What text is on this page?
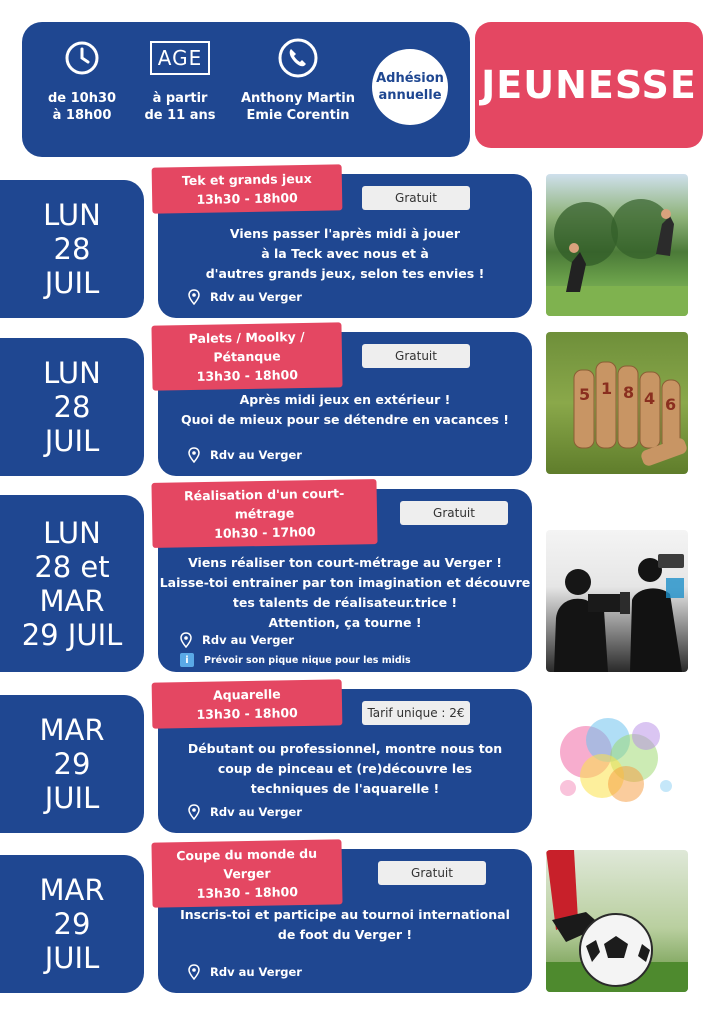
de 10h30
à 18h00
AGE
à partir
de 11 ans
Anthony Martin
Emie Corentin
Adhésion
annuelle JEUNESSE
LUN
28
JUIL
Tek et grands jeux
13h30 - 18h00	Gratuit
Viens passer l'après midi à jouer
à la Teck avec nous et à
d'autres grands jeux, selon tes envies !
Rdv au Verger
LUN
28
JUIL
Palets / Moolky / Pétanque
13h30 - 18h00
Gratuit
Après midi jeux en extérieur !
Quoi de mieux pour se détendre en vacances !
Rdv au Verger
5 1 8 4 6
LUN
28 et
MAR
29 JUIL
Réalisation d'un court-métrage
10h30 - 17h00
Gratuit
Viens réaliser ton court-métrage au Verger !
Laisse-toi entrainer par ton imagination et découvre
tes talents de réalisateur.trice !
Attention, ça tourne !
Rdv au Verger
i	Prévoir son pique nique pour les midis
MAR
29
JUIL
Aquarelle
13h30 - 18h00	Tarif unique : 2€
Débutant ou professionnel, montre nous ton
coup de pinceau et (re)découvre les
techniques de l'aquarelle !
Rdv au Verger
MAR
29
JUIL
Coupe du monde du Verger
13h30 - 18h00
Gratuit
Inscris-toi et participe au tournoi international
de foot du Verger !
Rdv au Verger
